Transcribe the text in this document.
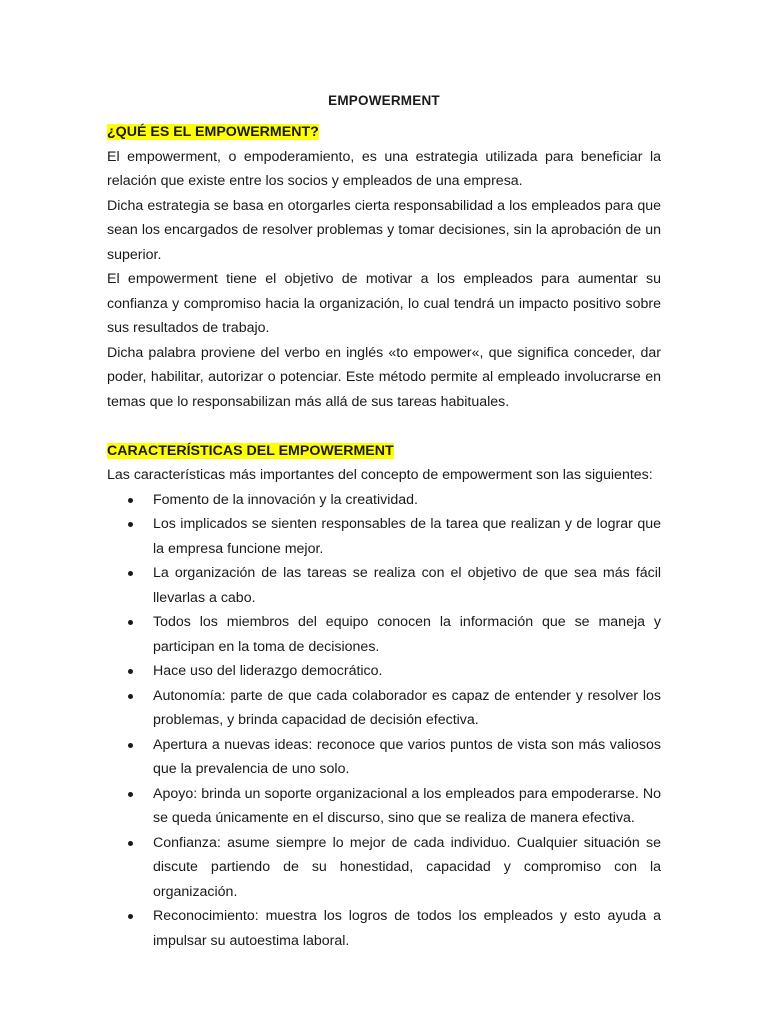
EMPOWERMENT
¿QUÉ ES EL EMPOWERMENT?

El empowerment, o empoderamiento, es una estrategia utilizada para beneficiar la relación que existe entre los socios y empleados de una empresa.

Dicha estrategia se basa en otorgarles cierta responsabilidad a los empleados para que sean los encargados de resolver problemas y tomar decisiones, sin la aprobación de un superior.

El empowerment tiene el objetivo de motivar a los empleados para aumentar su confianza y compromiso hacia la organización, lo cual tendrá un impacto positivo sobre sus resultados de trabajo.

Dicha palabra proviene del verbo en inglés «to empower«, que significa conceder, dar poder, habilitar, autorizar o potenciar. Este método permite al empleado involucrarse en temas que lo responsabilizan más allá de sus tareas habituales.

CARACTERÍSTICAS DEL EMPOWERMENT

Las características más importantes del concepto de empowerment son las siguientes:

Fomento de la innovación y la creatividad.
Los implicados se sienten responsables de la tarea que realizan y de lograr que la empresa funcione mejor.
La organización de las tareas se realiza con el objetivo de que sea más fácil llevarlas a cabo.
Todos los miembros del equipo conocen la información que se maneja y participan en la toma de decisiones.
Hace uso del liderazgo democrático.
Autonomía: parte de que cada colaborador es capaz de entender y resolver los problemas, y brinda capacidad de decisión efectiva.
Apertura a nuevas ideas: reconoce que varios puntos de vista son más valiosos que la prevalencia de uno solo.
Apoyo: brinda un soporte organizacional a los empleados para empoderarse. No se queda únicamente en el discurso, sino que se realiza de manera efectiva.
Confianza: asume siempre lo mejor de cada individuo. Cualquier situación se discute partiendo de su honestidad, capacidad y compromiso con la organización.
Reconocimiento: muestra los logros de todos los empleados y esto ayuda a impulsar su autoestima laboral.
